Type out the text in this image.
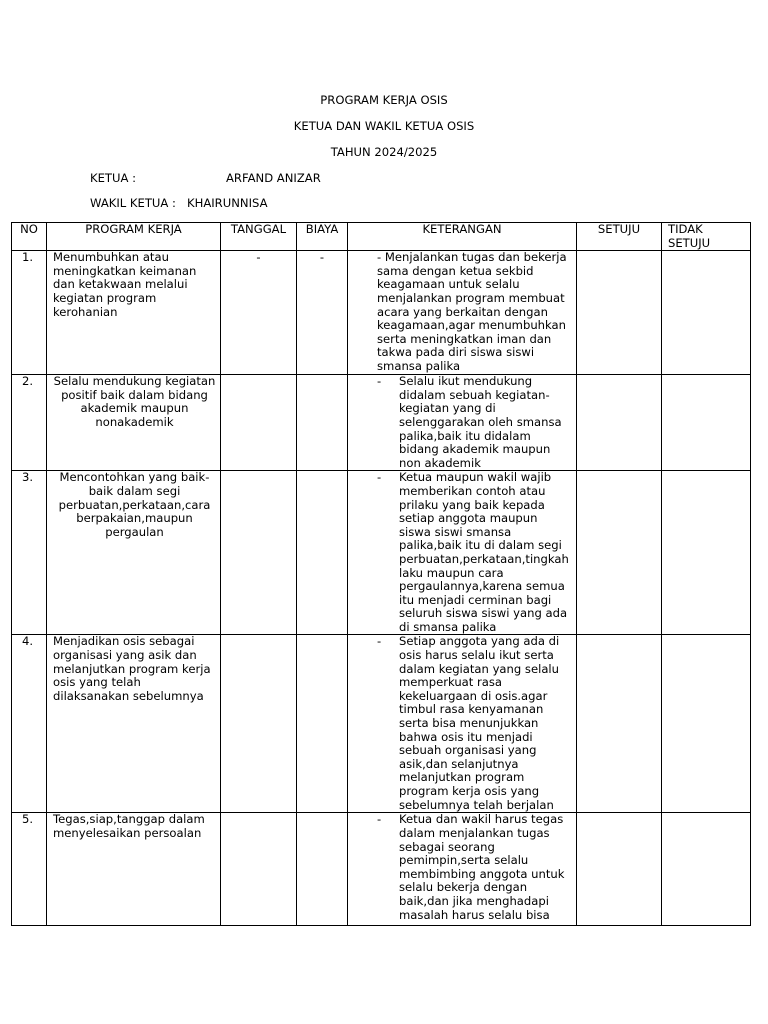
PROGRAM KERJA OSIS
KETUA DAN WAKIL KETUA OSIS
TAHUN 2024/2025
KETUA :	ARFAND ANIZAR
WAKIL KETUA : KHAIRUNNISA
NO	PROGRAM KERJA	TANGGAL	BIAYA	KETERANGAN	SETUJU	TIDAK SETUJU
1.	Menumbuhkan atau meningkatkan keimanan dan ketakwaan melalui kegiatan program kerohanian	-	-	- Menjalankan tugas dan bekerja sama dengan ketua sekbid keagamaan untuk selalu menjalankan program membuat acara yang berkaitan dengan keagamaan,agar menumbuhkan serta meningkatkan iman dan takwa pada diri siswa siswi smansa palika		
2.	Selalu mendukung kegiatan positif baik dalam bidang akademik maupun nonakademik			- Selalu ikut mendukung didalam sebuah kegiatan-kegiatan yang di selenggarakan oleh smansa palika,baik itu didalam bidang akademik maupun non akademik		
3.	Mencontohkan yang baik-baik dalam segi perbuatan,perkataan,cara berpakaian,maupun pergaulan			- Ketua maupun wakil wajib memberikan contoh atau prilaku yang baik kepada setiap anggota maupun siswa siswi smansa palika,baik itu di dalam segi perbuatan,perkataan,tingkah laku maupun cara pergaulannya,karena semua itu menjadi cerminan bagi seluruh siswa siswi yang ada di smansa palika		
4.	Menjadikan osis sebagai organisasi yang asik dan melanjutkan program kerja osis yang telah dilaksanakan sebelumnya			- Setiap anggota yang ada di osis harus selalu ikut serta dalam kegiatan yang selalu memperkuat rasa kekeluargaan di osis.agar timbul rasa kenyamanan serta bisa menunjukkan bahwa osis itu menjadi sebuah organisasi yang asik,dan selanjutnya melanjutkan program program kerja osis yang sebelumnya telah berjalan		
5.	Tegas,siap,tanggap dalam menyelesaikan persoalan			- Ketua dan wakil harus tegas dalam menjalankan tugas sebagai seorang pemimpin,serta selalu membimbing anggota untuk selalu bekerja dengan baik,dan jika menghadapi masalah harus selalu bisa		
